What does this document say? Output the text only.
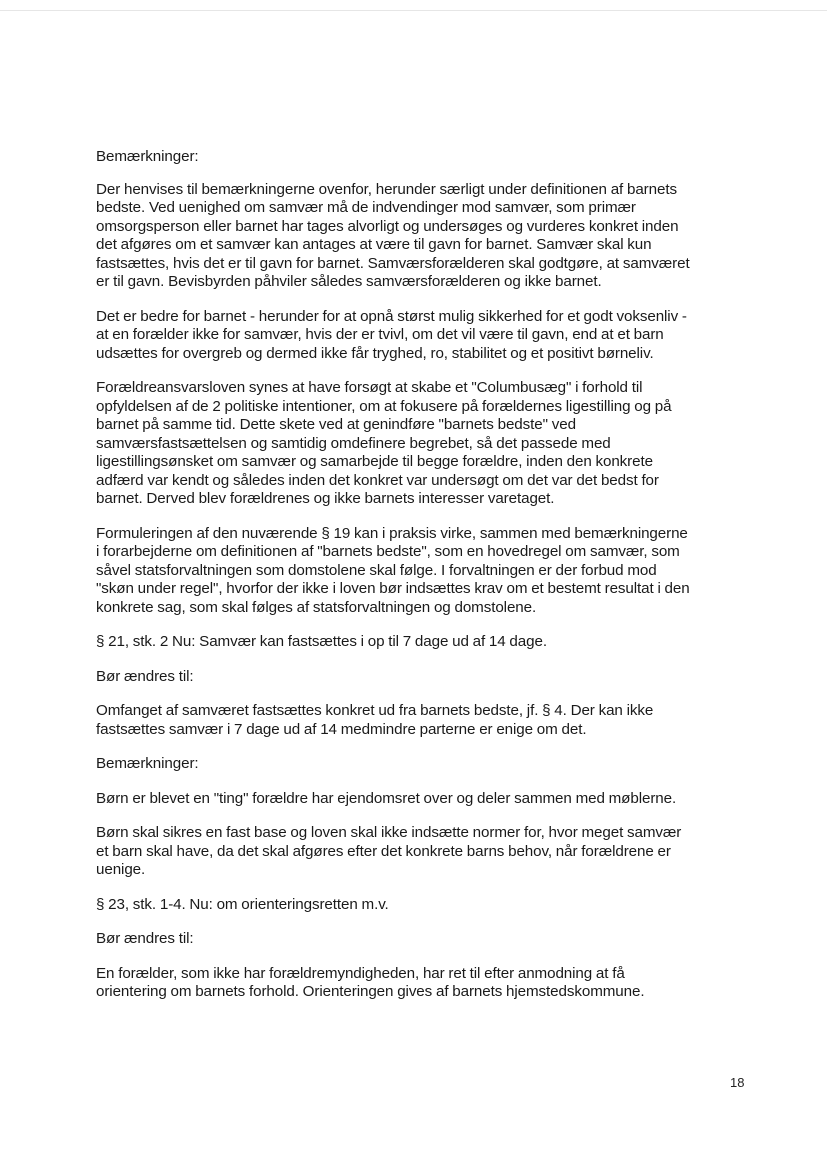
Bemærkninger:

Der henvises til bemærkningerne ovenfor, herunder særligt under definitionen af barnets
bedste. Ved uenighed om samvær må de indvendinger mod samvær, som primær
omsorgsperson eller barnet har tages alvorligt og undersøges og vurderes konkret inden
det afgøres om et samvær kan antages at være til gavn for barnet. Samvær skal kun
fastsættes, hvis det er til gavn for barnet. Samværsforælderen skal godtgøre, at samværet
er til gavn. Bevisbyrden påhviler således samværsforælderen og ikke barnet.

Det er bedre for barnet - herunder for at opnå størst mulig sikkerhed for et godt voksenliv -
at en forælder ikke for samvær, hvis der er tvivl, om det vil være til gavn, end at et barn
udsættes for overgreb og dermed ikke får tryghed, ro, stabilitet og et positivt børneliv.

Forældreansvarsloven synes at have forsøgt at skabe et "Columbusæg" i forhold til
opfyldelsen af de 2 politiske intentioner, om at fokusere på forældernes ligestilling og på
barnet på samme tid. Dette skete ved at genindføre "barnets bedste" ved
samværsfastsættelsen og samtidig omdefinere begrebet, så det passede med
ligestillingsønsket om samvær og samarbejde til begge forældre, inden den konkrete
adfærd var kendt og således inden det konkret var undersøgt om det var det bedst for
barnet. Derved blev forældrenes og ikke barnets interesser varetaget.

Formuleringen af den nuværende § 19 kan i praksis virke, sammen med bemærkningerne
i forarbejderne om definitionen af "barnets bedste", som en hovedregel om samvær, som
såvel statsforvaltningen som domstolene skal følge. I forvaltningen er der forbud mod
"skøn under regel", hvorfor der ikke i loven bør indsættes krav om et bestemt resultat i den
konkrete sag, som skal følges af statsforvaltningen og domstolene.

§ 21, stk. 2 Nu: Samvær kan fastsættes i op til 7 dage ud af 14 dage.

Bør ændres til:

Omfanget af samværet fastsættes konkret ud fra barnets bedste, jf. § 4. Der kan ikke
fastsættes samvær i 7 dage ud af 14 medmindre parterne er enige om det.

Bemærkninger:

Børn er blevet en "ting" forældre har ejendomsret over og deler sammen med møblerne.

Børn skal sikres en fast base og loven skal ikke indsætte normer for, hvor meget samvær
et barn skal have, da det skal afgøres efter det konkrete barns behov, når forældrene er
uenige.

§ 23, stk. 1-4. Nu: om orienteringsretten m.v.

Bør ændres til:

En forælder, som ikke har forældremyndigheden, har ret til efter anmodning at få
orientering om barnets forhold. Orienteringen gives af barnets hjemstedskommune.

18
